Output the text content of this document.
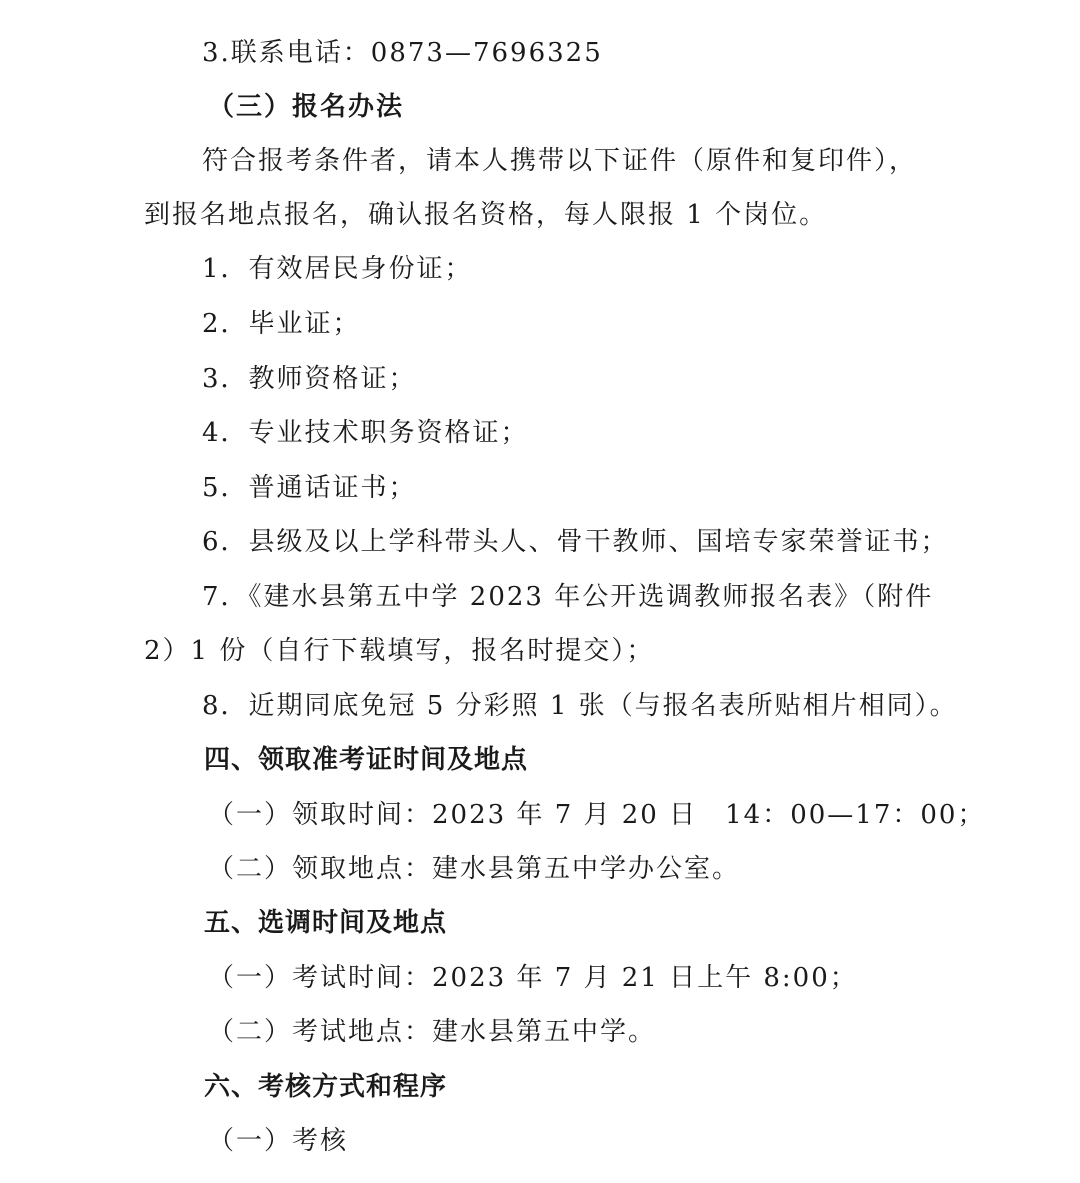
3.联系电话：0873—7696325
（三）报名办法
符合报考条件者，请本人携带以下证件（原件和复印件），
到报名地点报名，确认报名资格，每人限报 1 个岗位。
1．有效居民身份证；
2．毕业证；
3．教师资格证；
4．专业技术职务资格证；
5．普通话证书；
6．县级及以上学科带头人、骨干教师、国培专家荣誉证书；
7．《建水县第五中学 2023 年公开选调教师报名表》（附件
2）1 份（自行下载填写，报名时提交）；
8．近期同底免冠 5 分彩照 1 张（与报名表所贴相片相同）。
四、领取准考证时间及地点
（一）领取时间：2023 年 7 月 20 日　14：00—17：00；
（二）领取地点：建水县第五中学办公室。
五、选调时间及地点
（一）考试时间：2023 年 7 月 21 日上午 8:00；
（二）考试地点：建水县第五中学。
六、考核方式和程序
（一）考核
